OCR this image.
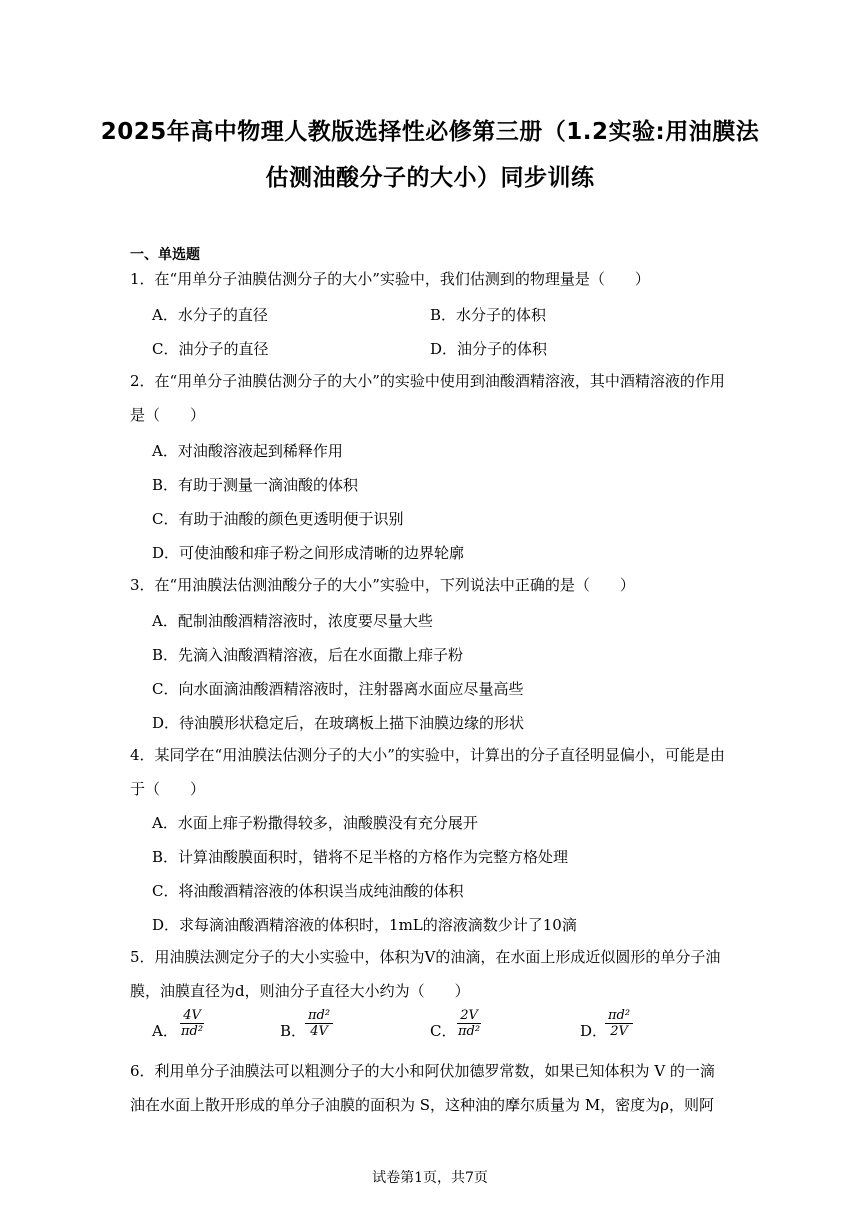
2025年高中物理人教版选择性必修第三册（1.2实验:用油膜法
估测油酸分子的大小）同步训练
一、单选题
1．在“用单分子油膜估测分子的大小”实验中，我们估测到的物理量是（　　）
A．水分子的直径	B．水分子的体积
C．油分子的直径	D．油分子的体积
2．在“用单分子油膜估测分子的大小”的实验中使用到油酸酒精溶液，其中酒精溶液的作用
是（　　）
A．对油酸溶液起到稀释作用
B．有助于测量一滴油酸的体积
C．有助于油酸的颜色更透明便于识别
D．可使油酸和痱子粉之间形成清晰的边界轮廓
3．在“用油膜法估测油酸分子的大小”实验中，下列说法中正确的是（　　）
A．配制油酸酒精溶液时，浓度要尽量大些
B．先滴入油酸酒精溶液，后在水面撒上痱子粉
C．向水面滴油酸酒精溶液时，注射器离水面应尽量高些
D．待油膜形状稳定后，在玻璃板上描下油膜边缘的形状
4．某同学在“用油膜法估测分子的大小”的实验中，计算出的分子直径明显偏小，可能是由
于（　　）
A．水面上痱子粉撒得较多，油酸膜没有充分展开
B．计算油酸膜面积时，错将不足半格的方格作为完整方格处理
C．将油酸酒精溶液的体积误当成纯油酸的体积
D．求每滴油酸酒精溶液的体积时，1mL的溶液滴数少计了10滴
5．用油膜法测定分子的大小实验中，体积为V的油滴，在水面上形成近似圆形的单分子油
膜，油膜直径为d，则油分子直径大小约为（　　）
A． $\frac{4V}{\text{πd²}}$	B．
$\frac{\text{πd²}}{4V}$	C．
$\frac{2V}{\text{πd²}}$	D．
$\frac{\text{πd²}}{2V}$
6．利用单分子油膜法可以粗测分子的大小和阿伏加德罗常数，如果已知体积为 V 的一滴
油在水面上散开形成的单分子油膜的面积为 S，这种油的摩尔质量为 M，密度为ρ，则阿
试卷第1页，共7页
